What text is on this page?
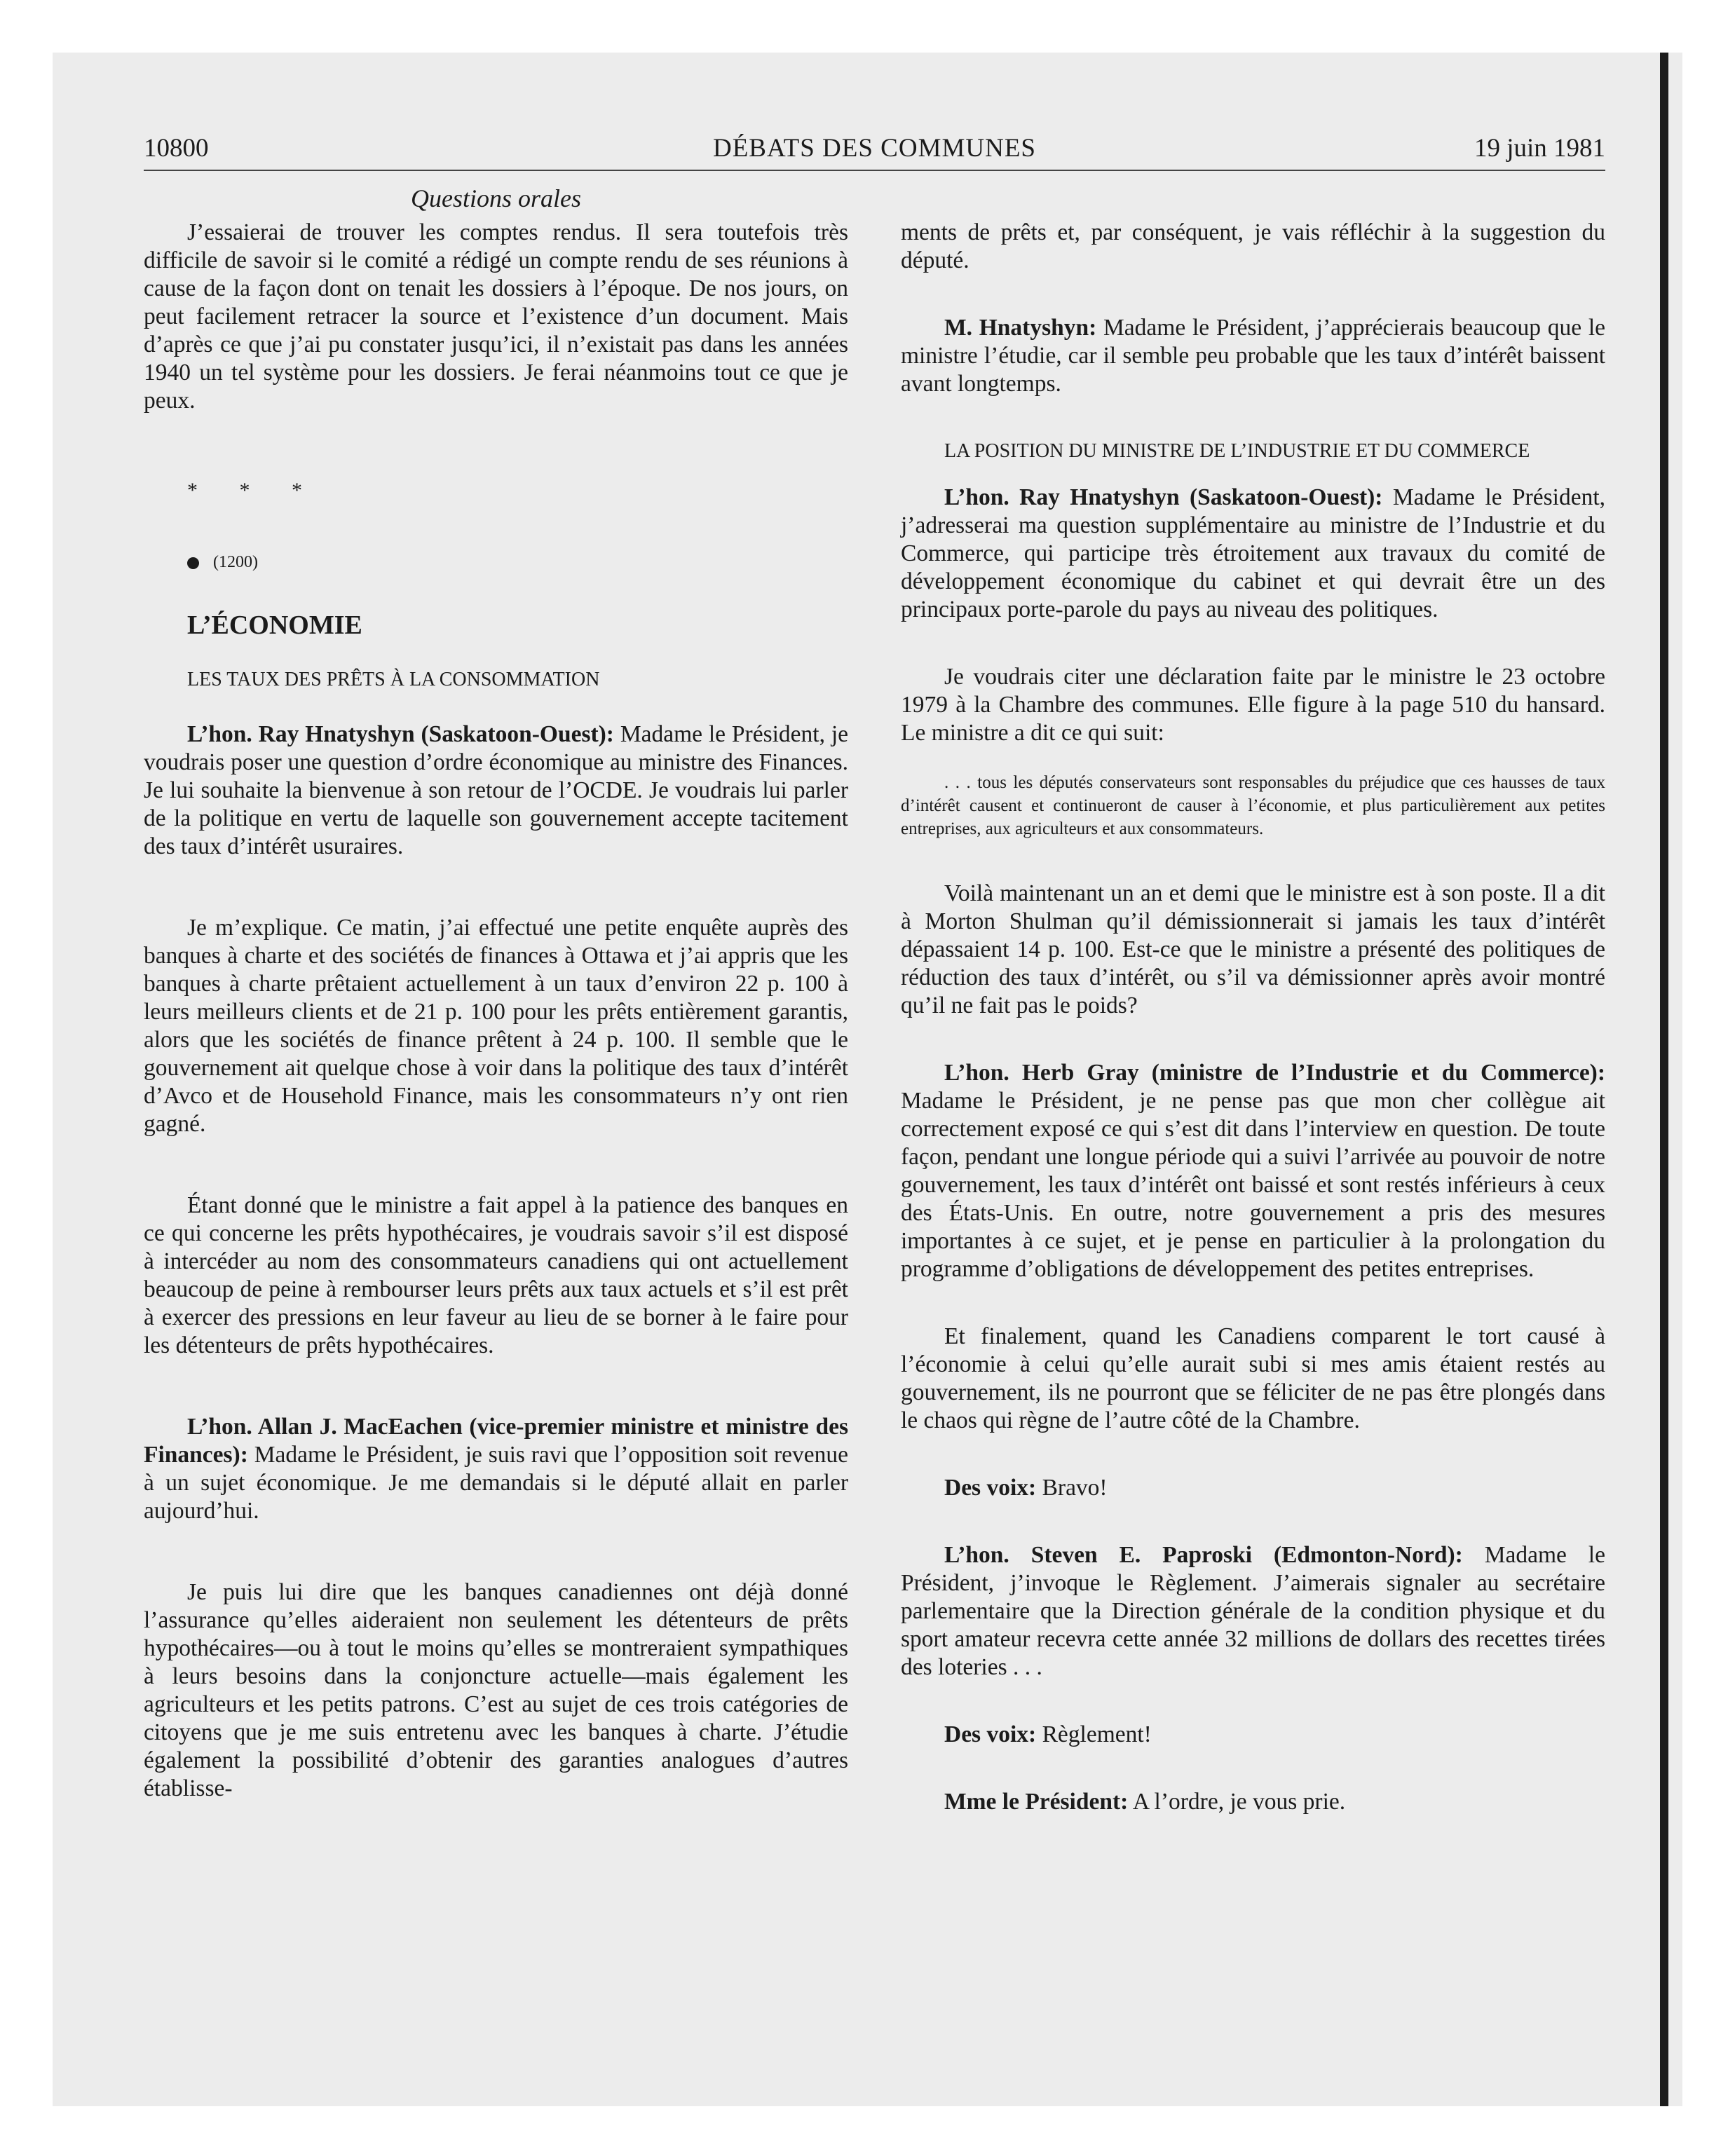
10800	DÉBATS DES COMMUNES	19 juin 1981
Questions orales

J’essaierai de trouver les comptes rendus. Il sera toutefois très difficile de savoir si le comité a rédigé un compte rendu de ses réunions à cause de la façon dont on tenait les dossiers à l’époque. De nos jours, on peut facilement retracer la source et l’existence d’un document. Mais d’après ce que j’ai pu constater jusqu’ici, il n’existait pas dans les années 1940 un tel système pour les dossiers. Je ferai néanmoins tout ce que je peux.

* * *

(1200)

L’ÉCONOMIE

LES TAUX DES PRÊTS À LA CONSOMMATION

L’hon. Ray Hnatyshyn (Saskatoon-Ouest): Madame le Président, je voudrais poser une question d’ordre économique au ministre des Finances. Je lui souhaite la bienvenue à son retour de l’OCDE. Je voudrais lui parler de la politique en vertu de laquelle son gouvernement accepte tacitement des taux d’intérêt usuraires.

Je m’explique. Ce matin, j’ai effectué une petite enquête auprès des banques à charte et des sociétés de finances à Ottawa et j’ai appris que les banques à charte prêtaient actuellement à un taux d’environ 22 p. 100 à leurs meilleurs clients et de 21 p. 100 pour les prêts entièrement garantis, alors que les sociétés de finance prêtent à 24 p. 100. Il semble que le gouvernement ait quelque chose à voir dans la politique des taux d’intérêt d’Avco et de Household Finance, mais les consommateurs n’y ont rien gagné.

Étant donné que le ministre a fait appel à la patience des banques en ce qui concerne les prêts hypothécaires, je voudrais savoir s’il est disposé à intercéder au nom des consommateurs canadiens qui ont actuellement beaucoup de peine à rembourser leurs prêts aux taux actuels et s’il est prêt à exercer des pressions en leur faveur au lieu de se borner à le faire pour les détenteurs de prêts hypothécaires.

L’hon. Allan J. MacEachen (vice-premier ministre et ministre des Finances): Madame le Président, je suis ravi que l’opposition soit revenue à un sujet économique. Je me demandais si le député allait en parler aujourd’hui.

Je puis lui dire que les banques canadiennes ont déjà donné l’assurance qu’elles aideraient non seulement les détenteurs de prêts hypothécaires—ou à tout le moins qu’elles se montreraient sympathiques à leurs besoins dans la conjoncture actuelle—mais également les agriculteurs et les petits patrons. C’est au sujet de ces trois catégories de citoyens que je me suis entretenu avec les banques à charte. J’étudie également la possibilité d’obtenir des garanties analogues d’autres établisse-

ments de prêts et, par conséquent, je vais réfléchir à la suggestion du député.

M. Hnatyshyn: Madame le Président, j’apprécierais beaucoup que le ministre l’étudie, car il semble peu probable que les taux d’intérêt baissent avant longtemps.

LA POSITION DU MINISTRE DE L’INDUSTRIE ET DU COMMERCE

L’hon. Ray Hnatyshyn (Saskatoon-Ouest): Madame le Président, j’adresserai ma question supplémentaire au ministre de l’Industrie et du Commerce, qui participe très étroitement aux travaux du comité de développement économique du cabinet et qui devrait être un des principaux porte-parole du pays au niveau des politiques.

Je voudrais citer une déclaration faite par le ministre le 23 octobre 1979 à la Chambre des communes. Elle figure à la page 510 du hansard. Le ministre a dit ce qui suit:

. . . tous les députés conservateurs sont responsables du préjudice que ces hausses de taux d’intérêt causent et continueront de causer à l’économie, et plus particulièrement aux petites entreprises, aux agriculteurs et aux consommateurs.

Voilà maintenant un an et demi que le ministre est à son poste. Il a dit à Morton Shulman qu’il démissionnerait si jamais les taux d’intérêt dépassaient 14 p. 100. Est-ce que le ministre a présenté des politiques de réduction des taux d’intérêt, ou s’il va démissionner après avoir montré qu’il ne fait pas le poids?

L’hon. Herb Gray (ministre de l’Industrie et du Commerce): Madame le Président, je ne pense pas que mon cher collègue ait correctement exposé ce qui s’est dit dans l’interview en question. De toute façon, pendant une longue période qui a suivi l’arrivée au pouvoir de notre gouvernement, les taux d’intérêt ont baissé et sont restés inférieurs à ceux des États-Unis. En outre, notre gouvernement a pris des mesures importantes à ce sujet, et je pense en particulier à la prolongation du programme d’obligations de développement des petites entreprises.

Et finalement, quand les Canadiens comparent le tort causé à l’économie à celui qu’elle aurait subi si mes amis étaient restés au gouvernement, ils ne pourront que se féliciter de ne pas être plongés dans le chaos qui règne de l’autre côté de la Chambre.

Des voix: Bravo!

L’hon. Steven E. Paproski (Edmonton-Nord): Madame le Président, j’invoque le Règlement. J’aimerais signaler au secrétaire parlementaire que la Direction générale de la condition physique et du sport amateur recevra cette année 32 millions de dollars des recettes tirées des loteries . . .

Des voix: Règlement!

Mme le Président: A l’ordre, je vous prie.
